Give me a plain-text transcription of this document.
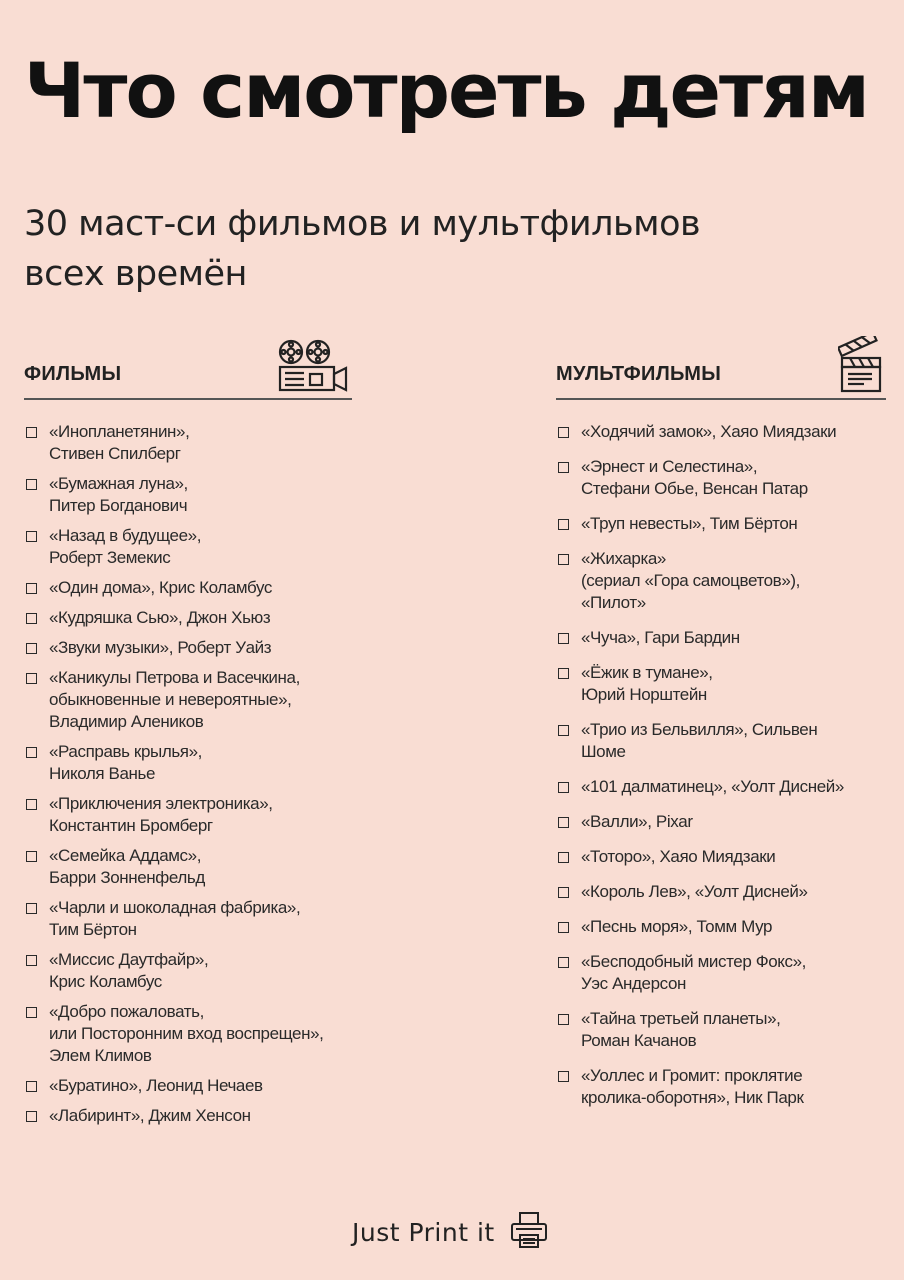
Что смотреть детям
30 маст-си фильмов и мультфильмов
всех времён
ФИЛЬМЫ
«Инопланетянин»,
Стивен Спилберг
«Бумажная луна»,
Питер Богданович
«Назад в будущее»,
Роберт Земекис
«Один дома», Крис Коламбус
«Кудряшка Сью», Джон Хьюз
«Звуки музыки», Роберт Уайз
«Каникулы Петрова и Васечкина,
обыкновенные и невероятные»,
Владимир Алеников
«Расправь крылья»,
Николя Ванье
«Приключения электроника»,
Константин Бромберг
«Семейка Аддамс»,
Барри Зонненфельд
«Чарли и шоколадная фабрика»,
Тим Бёртон
«Миссис Даутфайр»,
Крис Коламбус
«Добро пожаловать,
или Посторонним вход воспрещен»,
Элем Климов
«Буратино», Леонид Нечаев
«Лабиринт», Джим Хенсон
МУЛЬТФИЛЬМЫ
«Ходячий замок», Хаяо Миядзаки
«Эрнест и Селестина»,
Стефани Обье, Венсан Патар
«Труп невесты», Тим Бёртон
«Жихарка»
(сериал «Гора самоцветов»),
«Пилот»
«Чуча», Гари Бардин
«Ёжик в тумане»,
Юрий Норштейн
«Трио из Бельвилля», Сильвен
Шоме
«101 далматинец», «Уолт Дисней»
«Валли», Pixar
«Тоторо», Хаяо Миядзаки
«Король Лев», «Уолт Дисней»
«Песнь моря», Томм Мур
«Бесподобный мистер Фокс»,
Уэс Андерсон
«Тайна третьей планеты»,
Роман Качанов
«Уоллес и Громит: проклятие
кролика-оборотня», Ник Парк
Just Print it
